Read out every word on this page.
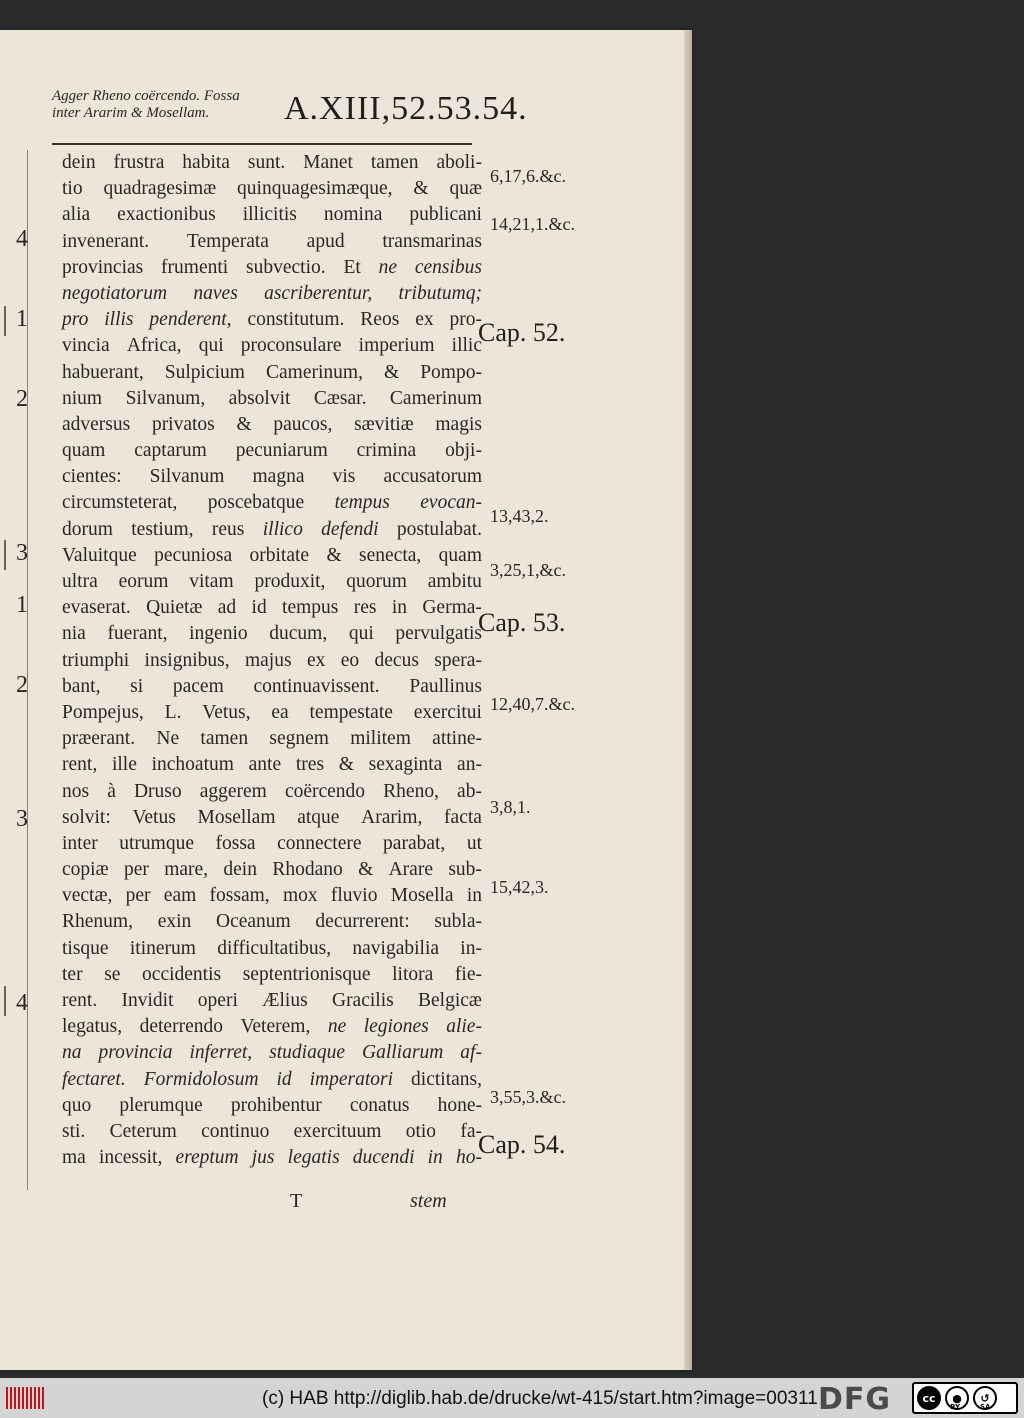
Agger Rheno coërcendo. Fossa
inter Ararim & Mosellam.	A.XIII,52.53.54.
dein frustra habita sunt. Manet tamen aboli-
tio quadragesimæ quinquagesimæque, & quæ
alia exactionibus illicitis nomina publicani
invenerant. Temperata apud transmarinas
provincias frumenti subvectio. Et ne censibus
negotiatorum naves ascriberentur, tributumq;
pro illis penderent, constitutum. Reos ex pro-
vincia Africa, qui proconsulare imperium illic
habuerant, Sulpicium Camerinum, & Pompo-
nium Silvanum, absolvit Cæsar. Camerinum
adversus privatos & paucos, sævitiæ magis
quam captarum pecuniarum crimina obji-
cientes: Silvanum magna vis accusatorum
circumsteterat, poscebatque tempus evocan-
dorum testium, reus illico defendi postulabat.
Valuitque pecuniosa orbitate & senecta, quam
ultra eorum vitam produxit, quorum ambitu
evaserat. Quietæ ad id tempus res in Germa-
nia fuerant, ingenio ducum, qui pervulgatis
triumphi insignibus, majus ex eo decus spera-
bant, si pacem continuavissent. Paullinus
Pompejus, L. Vetus, ea tempestate exercitui
præerant. Ne tamen segnem militem attine-
rent, ille inchoatum ante tres & sexaginta an-
nos à Druso aggerem coërcendo Rheno, ab-
solvit: Vetus Mosellam atque Ararim, facta
inter utrumque fossa connectere parabat, ut
copiæ per mare, dein Rhodano & Arare sub-
vectæ, per eam fossam, mox fluvio Mosella in
Rhenum, exin Oceanum decurrerent: subla-
tisque itinerum difficultatibus, navigabilia in-
ter se occidentis septentrionisque litora fie-
rent. Invidit operi Ælius Gracilis Belgicæ
legatus, deterrendo Veterem, ne legiones alie-
na provincia inferret, studiaque Galliarum af-
fectaret. Formidolosum id imperatori dictitans,
quo plerumque prohibentur conatus hone-
sti. Ceterum continuo exercituum otio fa-
ma incessit, ereptum jus legatis ducendi in ho-
T	stem
6,17,6.&c.
14,21,1.&c.
13,43,2.
3,25,1,&c.
12,40,7.&c.
3,8,1.
15,42,3.
3,55,3.&c.
Cap. 52.
Cap. 53.
Cap. 54.
4
1
2
3
1
2
3
4
(c) HAB http://diglib.hab.de/drucke/wt-415/start.htm?image=00311 DFG	cc	●	↺
BY	SA
